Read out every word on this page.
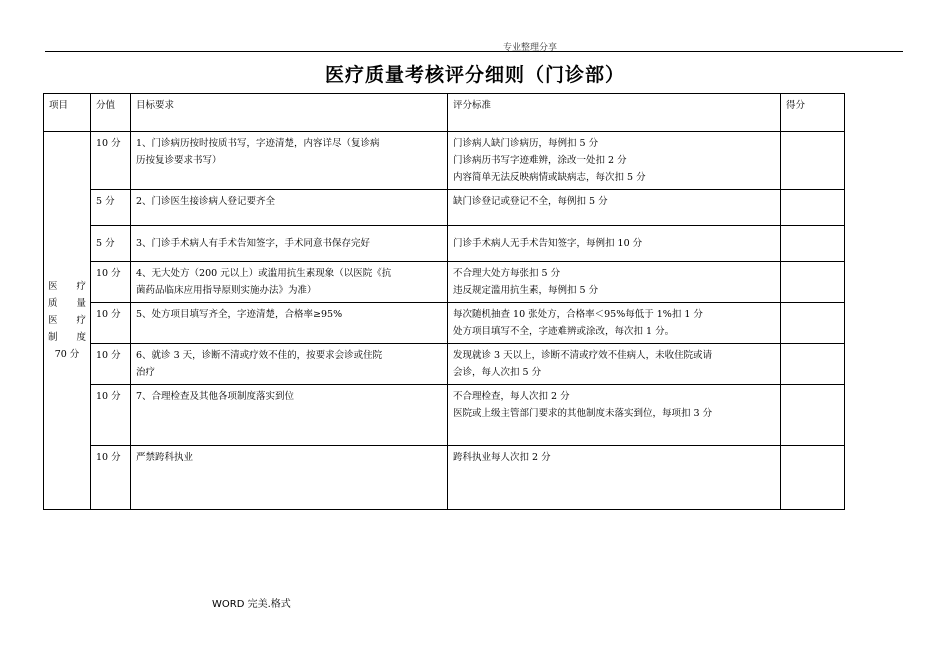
专业整理分享
医疗质量考核评分细则（门诊部）
项目	分值	目标要求	评分标准	得分

医　疗
质　量
医　疗
制　度
70 分	10 分	1、门诊病历按时按质书写，字迹清楚，内容详尽（复诊病
历按复诊要求书写）	门诊病人缺门诊病历，每例扣 5 分
门诊病历书写字迹难辨，涂改一处扣 2 分
内容简单无法反映病情或缺病志，每次扣 5 分	

	5 分	2、门诊医生接诊病人登记要齐全	缺门诊登记或登记不全，每例扣 5 分	

	5 分	3、门诊手术病人有手术告知签字，手术同意书保存完好	门诊手术病人无手术告知签字，每例扣 10 分	

	10 分	4、无大处方（200 元以上）或滥用抗生素现象（以医院《抗
菌药品临床应用指导原则实施办法》为准）	不合理大处方每张扣 5 分
违反规定滥用抗生素，每例扣 5 分	

	10 分	5、处方项目填写齐全，字迹清楚，合格率≥95%	每次随机抽查 10 张处方，合格率＜95%每低于 1%扣 1 分
处方项目填写不全，字迹难辨或涂改，每次扣 1 分。	

	10 分	6、就诊 3 天，诊断不清或疗效不佳的，按要求会诊或住院
治疗	发现就诊 3 天以上，诊断不清或疗效不佳病人，未收住院或请
会诊，每人次扣 5 分	

	10 分	7、合理检查及其他各项制度落实到位	不合理检查，每人次扣 2 分
医院或上级主管部门要求的其他制度未落实到位，每项扣 3 分	

	10 分	严禁跨科执业	跨科执业每人次扣 2 分	

WORD 完美.格式
